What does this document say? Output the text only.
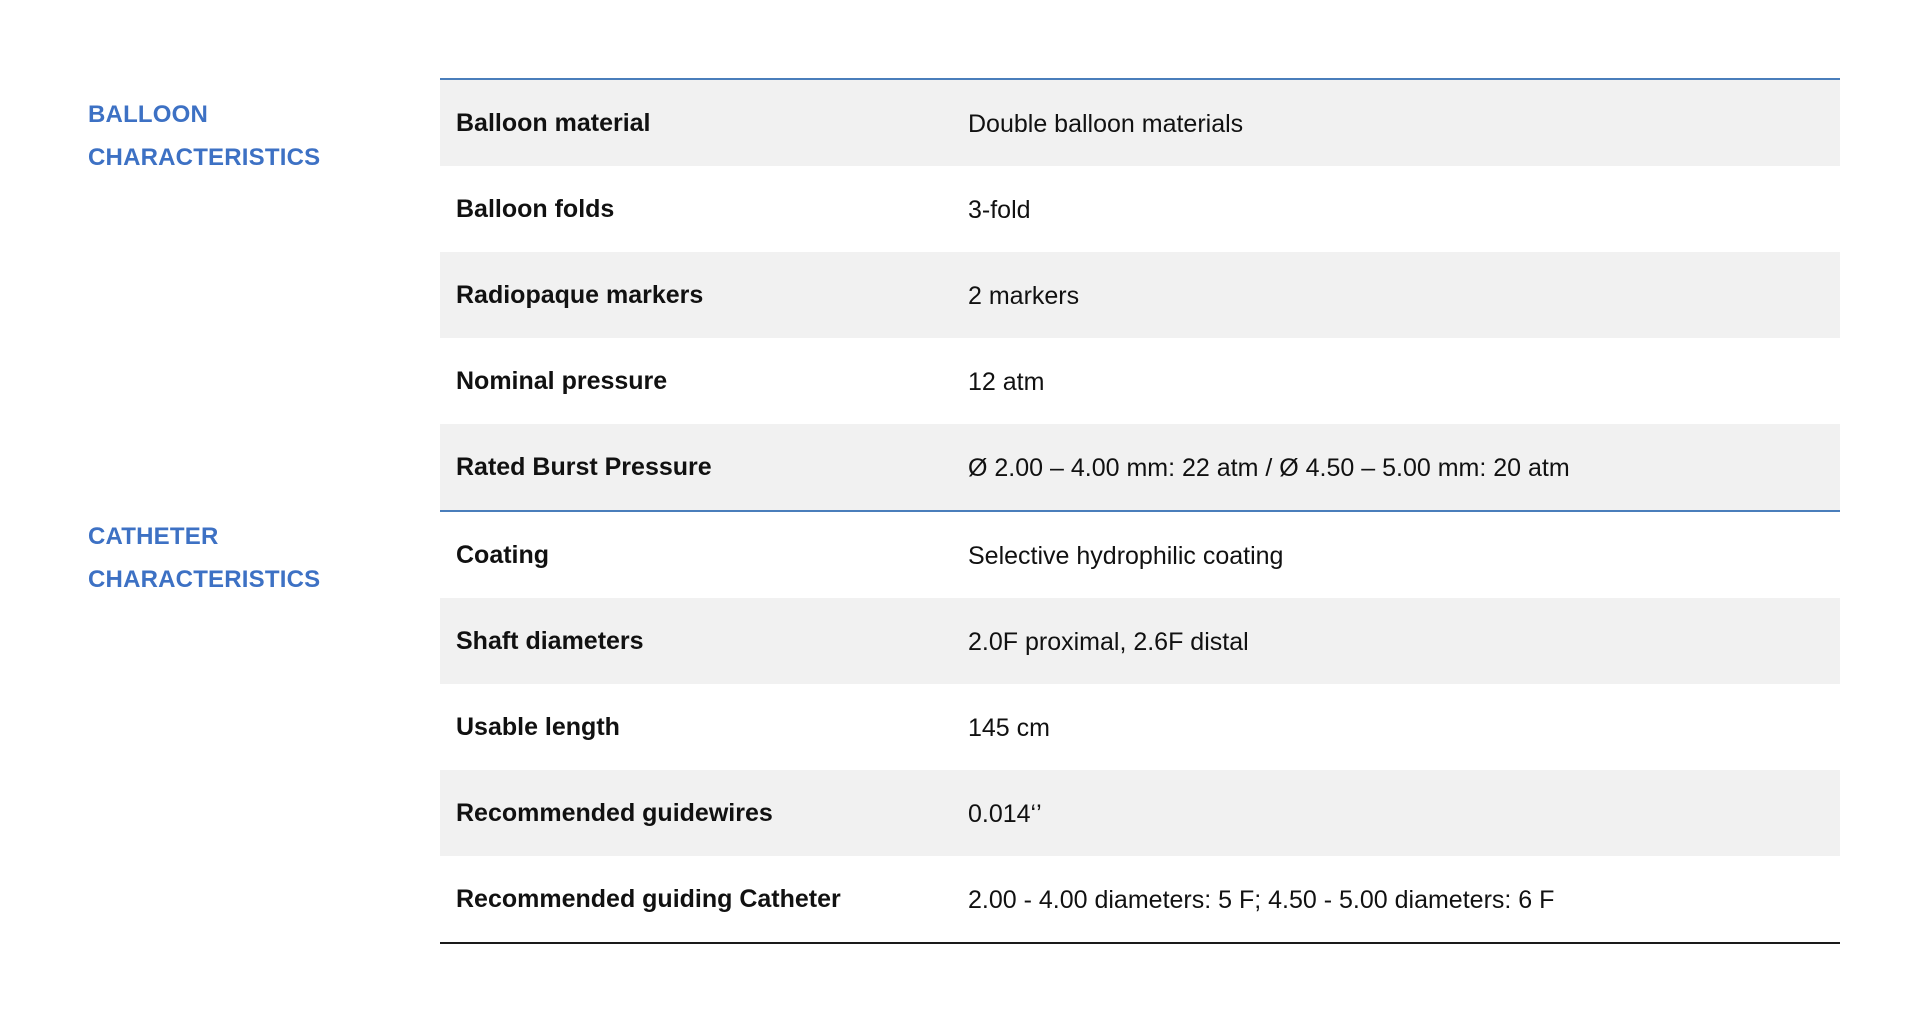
BALLOON
CHARACTERISTICS
CATHETER
CHARACTERISTICS
Balloon material	Double balloon materials
Balloon folds	3-fold
Radiopaque markers	2 markers
Nominal pressure	12 atm
Rated Burst Pressure	Ø 2.00 – 4.00 mm: 22 atm / Ø 4.50 – 5.00 mm: 20 atm
Coating	Selective hydrophilic coating
Shaft diameters	2.0F proximal, 2.6F distal
Usable length	145 cm
Recommended guidewires	0.014‘’
Recommended guiding Catheter	2.00 - 4.00 diameters: 5 F; 4.50 - 5.00 diameters: 6 F
